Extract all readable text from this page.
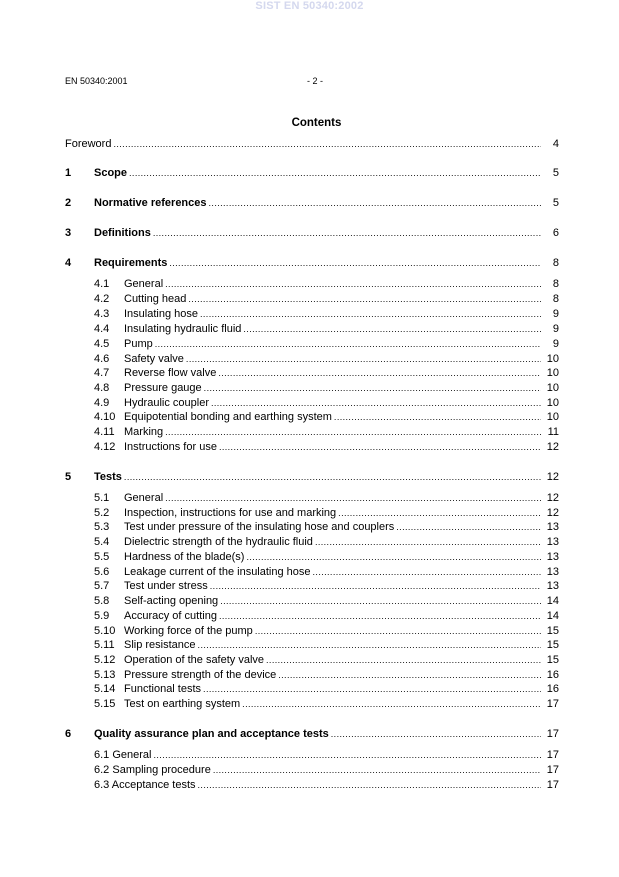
SIST EN 50340:2002
EN 50340:2001	- 2 -
Contents
Foreword .....	4
1 Scope .....	5
2 Normative references .....	5
3 Definitions .....	6
4 Requirements .....	8
4.1 General .....	8
4.2 Cutting head .....	8
4.3 Insulating hose .....	9
4.4 Insulating hydraulic fluid .....	9
4.5 Pump .....	9
4.6 Safety valve .....	10
4.7 Reverse flow valve .....	10
4.8 Pressure gauge .....	10
4.9 Hydraulic coupler .....	10
4.10 Equipotential bonding and earthing system .....	10
4.11 Marking .....	11
4.12 Instructions for use .....	12
5 Tests .....	12
5.1 General .....	12
5.2 Inspection, instructions for use and marking .....	12
5.3 Test under pressure of the insulating hose and couplers .....	13
5.4 Dielectric strength of the hydraulic fluid .....	13
5.5 Hardness of the blade(s) .....	13
5.6 Leakage current of the insulating hose .....	13
5.7 Test under stress .....	13
5.8 Self-acting opening .....	14
5.9 Accuracy of cutting .....	14
5.10 Working force of the pump .....	15
5.11 Slip resistance .....	15
5.12 Operation of the safety valve .....	15
5.13 Pressure strength of the device .....	16
5.14 Functional tests .....	16
5.15 Test on earthing system .....	17
6 Quality assurance plan and acceptance tests .....	17
6.1 General .....	17
6.2 Sampling procedure .....	17
6.3 Acceptance tests .....	17
